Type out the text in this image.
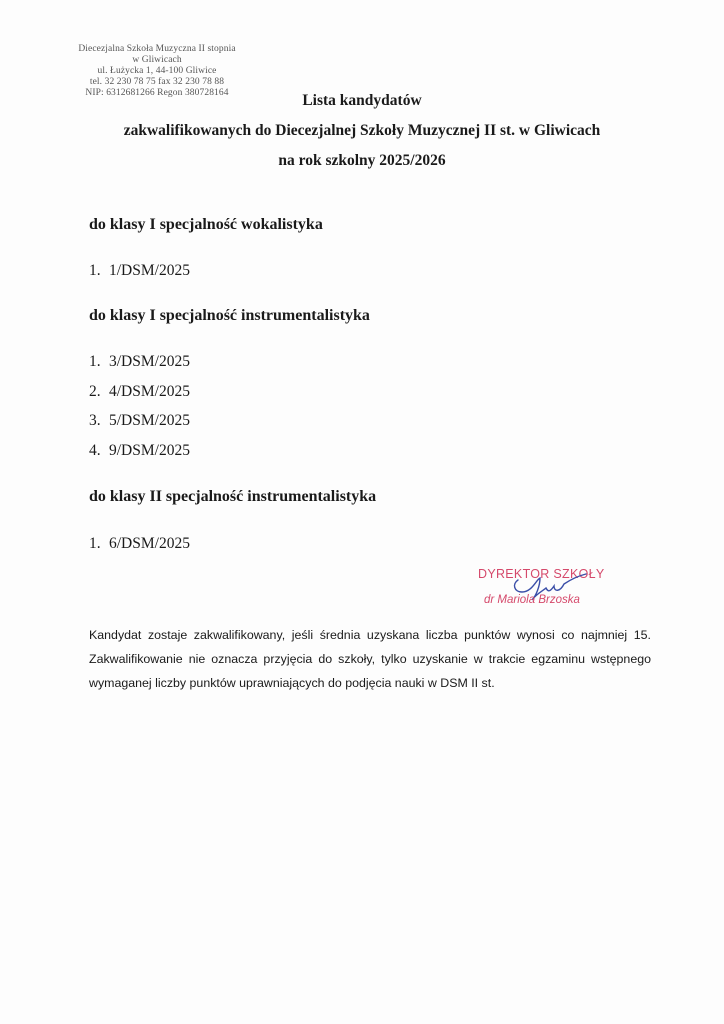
Diecezjalna Szkoła Muzyczna II stopnia
w Gliwicach
ul. Łużycka 1, 44-100 Gliwice
tel. 32 230 78 75 fax 32 230 78 88
NIP: 6312681266 Regon 380728164	Lista kandydatów
zakwalifikowanych do Diecezjalnej Szkoły Muzycznej II st. w Gliwicach
na rok szkolny 2025/2026
do klasy I specjalność wokalistyka
1. 1/DSM/2025
do klasy I specjalność instrumentalistyka
1. 3/DSM/2025
2. 4/DSM/2025
3. 5/DSM/2025
4. 9/DSM/2025
do klasy II specjalność instrumentalistyka
1. 6/DSM/2025
DYREKTOR SZKOŁY
dr Mariola Brzoska
Kandydat zostaje zakwalifikowany, jeśli średnia uzyskana liczba punktów wynosi co najmniej 15. Zakwalifikowanie nie oznacza przyjęcia do szkoły, tylko uzyskanie w trakcie egzaminu wstępnego wymaganej liczby punktów uprawniających do podjęcia nauki w DSM II st.
